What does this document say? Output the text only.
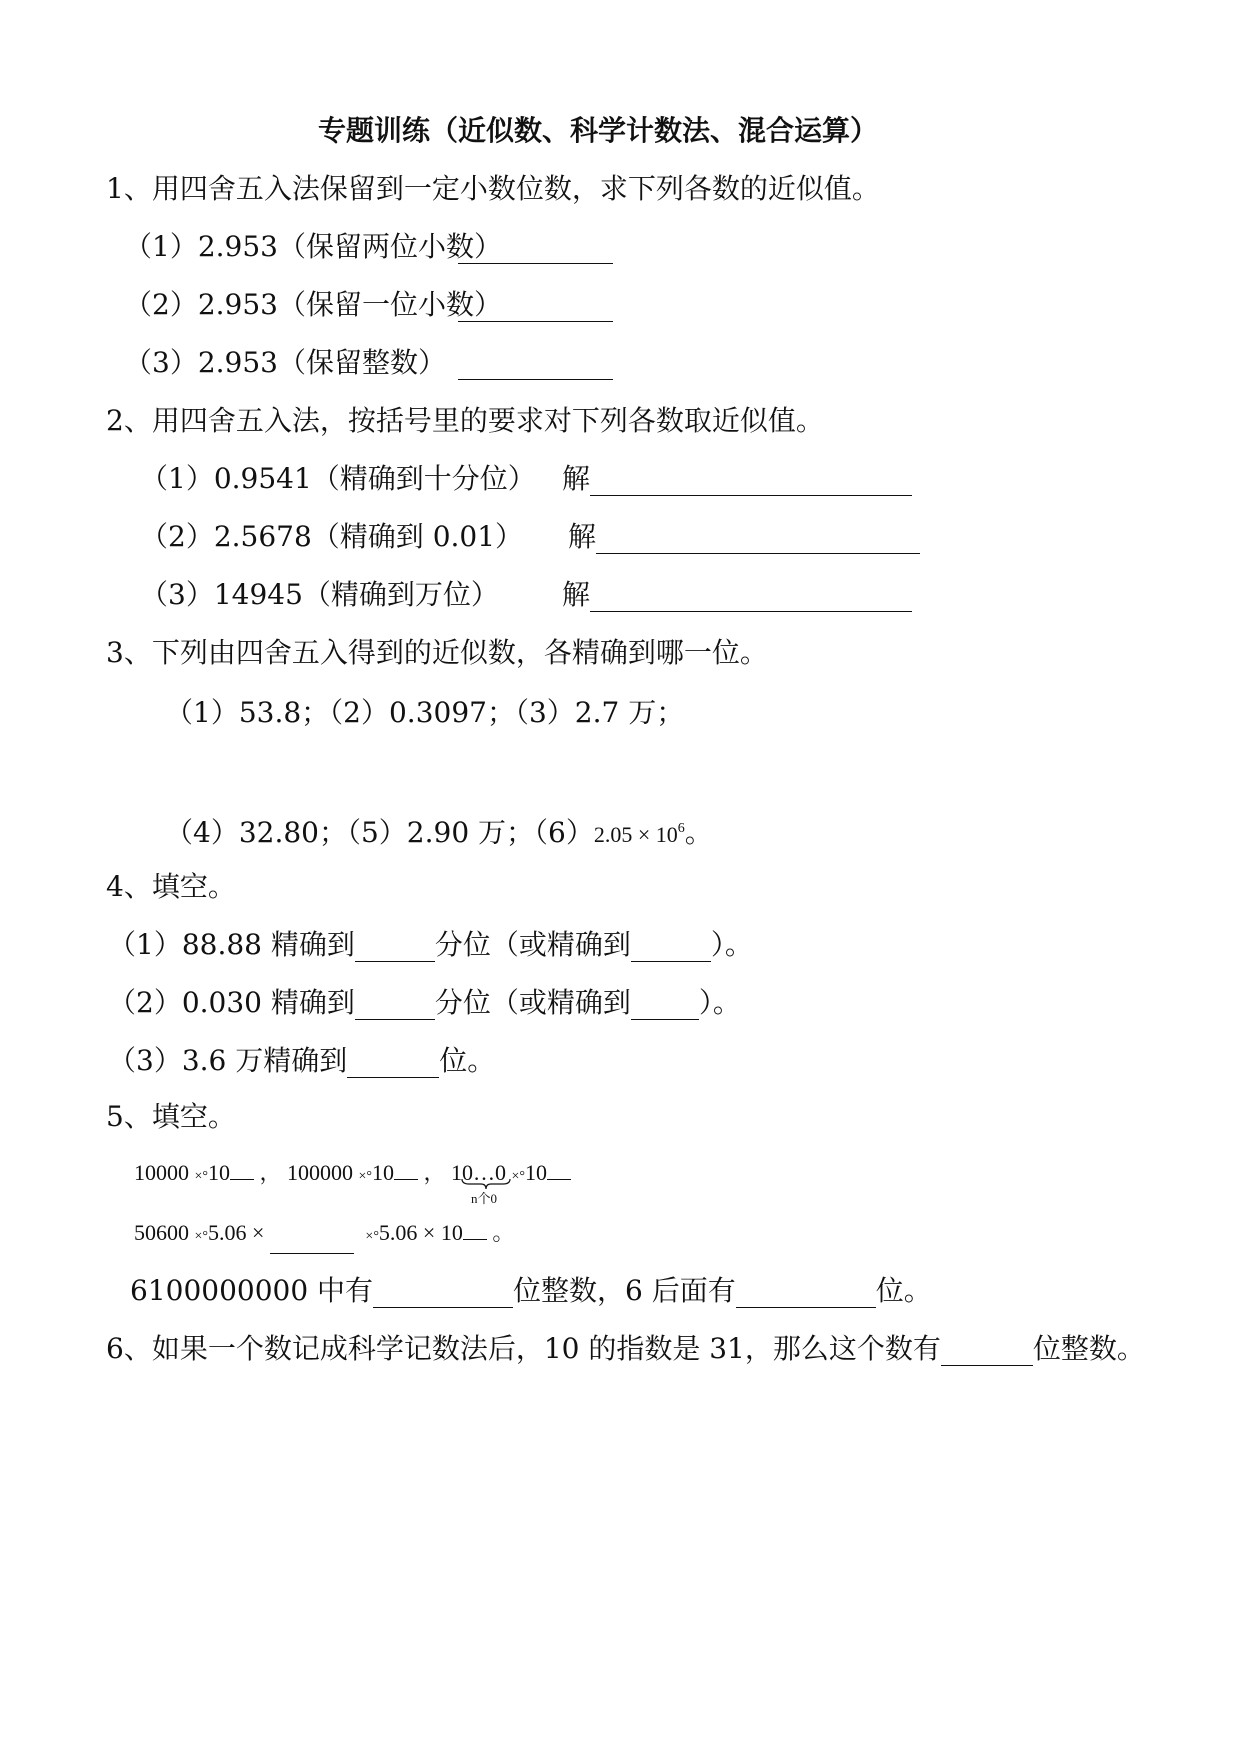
专题训练（近似数、科学计数法、混合运算）
1、用四舍五入法保留到一定小数位数，求下列各数的近似值。
（1）2.953（保留两位小数）
（2）2.953（保留一位小数）
（3）2.953（保留整数）
2、用四舍五入法，按括号里的要求对下列各数取近似值。
（1）0.9541（精确到十分位） 解
（2）2.5678（精确到 0.01） 解
（3）14945（精确到万位） 解
3、下列由四舍五入得到的近似数，各精确到哪一位。
（1）53.8；（2）0.3097；（3）2.7 万；
（4）32.80；（5）2.90 万；$(6)2.05 \times 10^6$。
4、填空。
（1）88.88 精确到	分位（或精确到	）。
（2）0.030 精确到	分位（或精确到 ）。
（3）3.6 万精确到	位。
5、填空。
10000 ×°10 ， 100000 ×°10 ， 10…0 ×°10
n个0
50600 ×°5.06 ×	×°5.06 × 10 。
6100000000 中有	位整数，6 后面有	位。
6、如果一个数记成科学记数法后，10 的指数是 31，那么这个数有	位整数。
